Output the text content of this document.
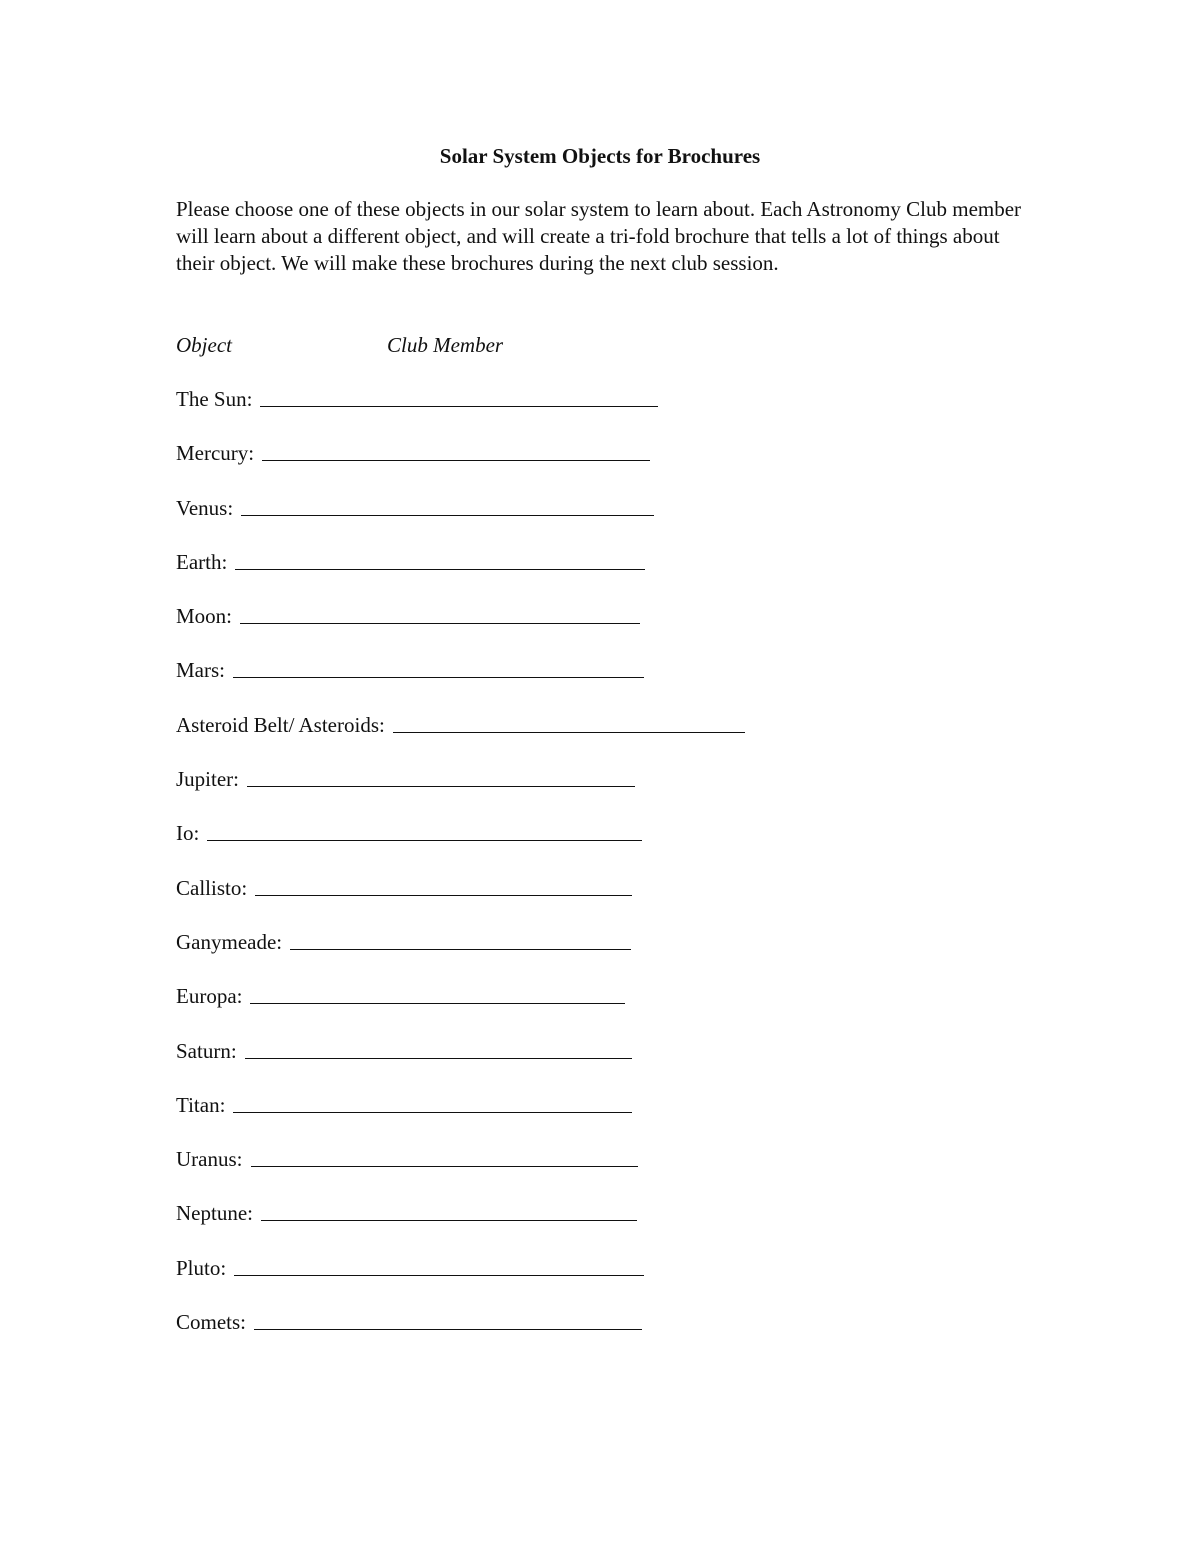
Solar System Objects for Brochures
Please choose one of these objects in our solar system to learn about. Each Astronomy Club member will learn about a different object, and will create a tri-fold brochure that tells a lot of things about their object. We will make these brochures during the next club session.
Object	Club Member
The Sun:
Mercury:
Venus:
Earth:
Moon:
Mars:
Asteroid Belt/ Asteroids:
Jupiter:
Io:
Callisto:
Ganymeade:
Europa:
Saturn:
Titan:
Uranus:
Neptune:
Pluto:
Comets:
